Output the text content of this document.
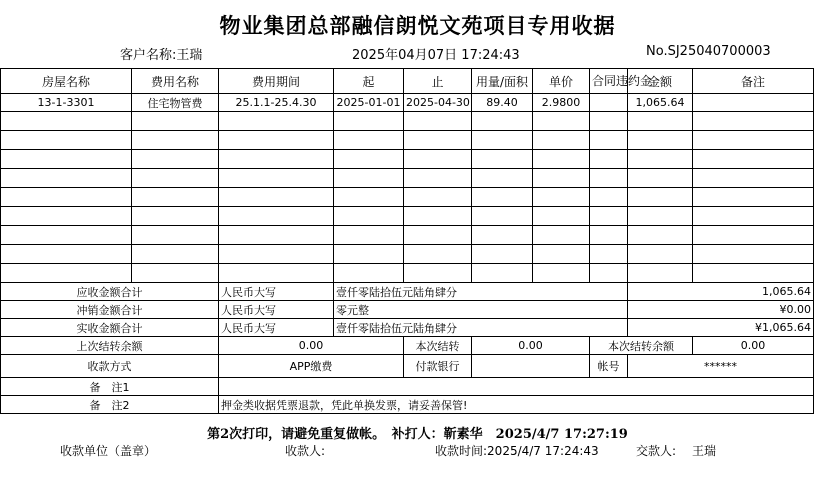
物业集团总部融信朗悦文苑项目专用收据
客户名称:王瑞	2025年04月07日 17:24:43	No.SJ25040700003
房屋名称	费用名称	费用期间	起	止	用量/面积	单价	合同违约金	金额	备注
13-1-3301	住宅物管费	25.1.1-25.4.30	2025-01-01	2025-04-30	89.40	2.9800		1,065.64	

应收金额合计		人民币大写	壹仟零陆拾伍元陆角肆分					1,065.64	
冲销金额合计		人民币大写	零元整					¥0.00	
实收金额合计		人民币大写	壹仟零陆拾伍元陆角肆分					¥1,065.64	
上次结转余额		0.00		本次结转	0.00		本次结转余额		0.00
收款方式		APP缴费		付款银行			帐号	******	
备　注1									
备　注2		押金类收据凭票退款，凭此单换发票，请妥善保管!							
第2次打印，请避免重复做帐。　补打人：靳素华　2025/4/7 17:27:19
收款单位（盖章）	收款人:	收款时间:2025/4/7 17:24:43	交款人: 王瑞
